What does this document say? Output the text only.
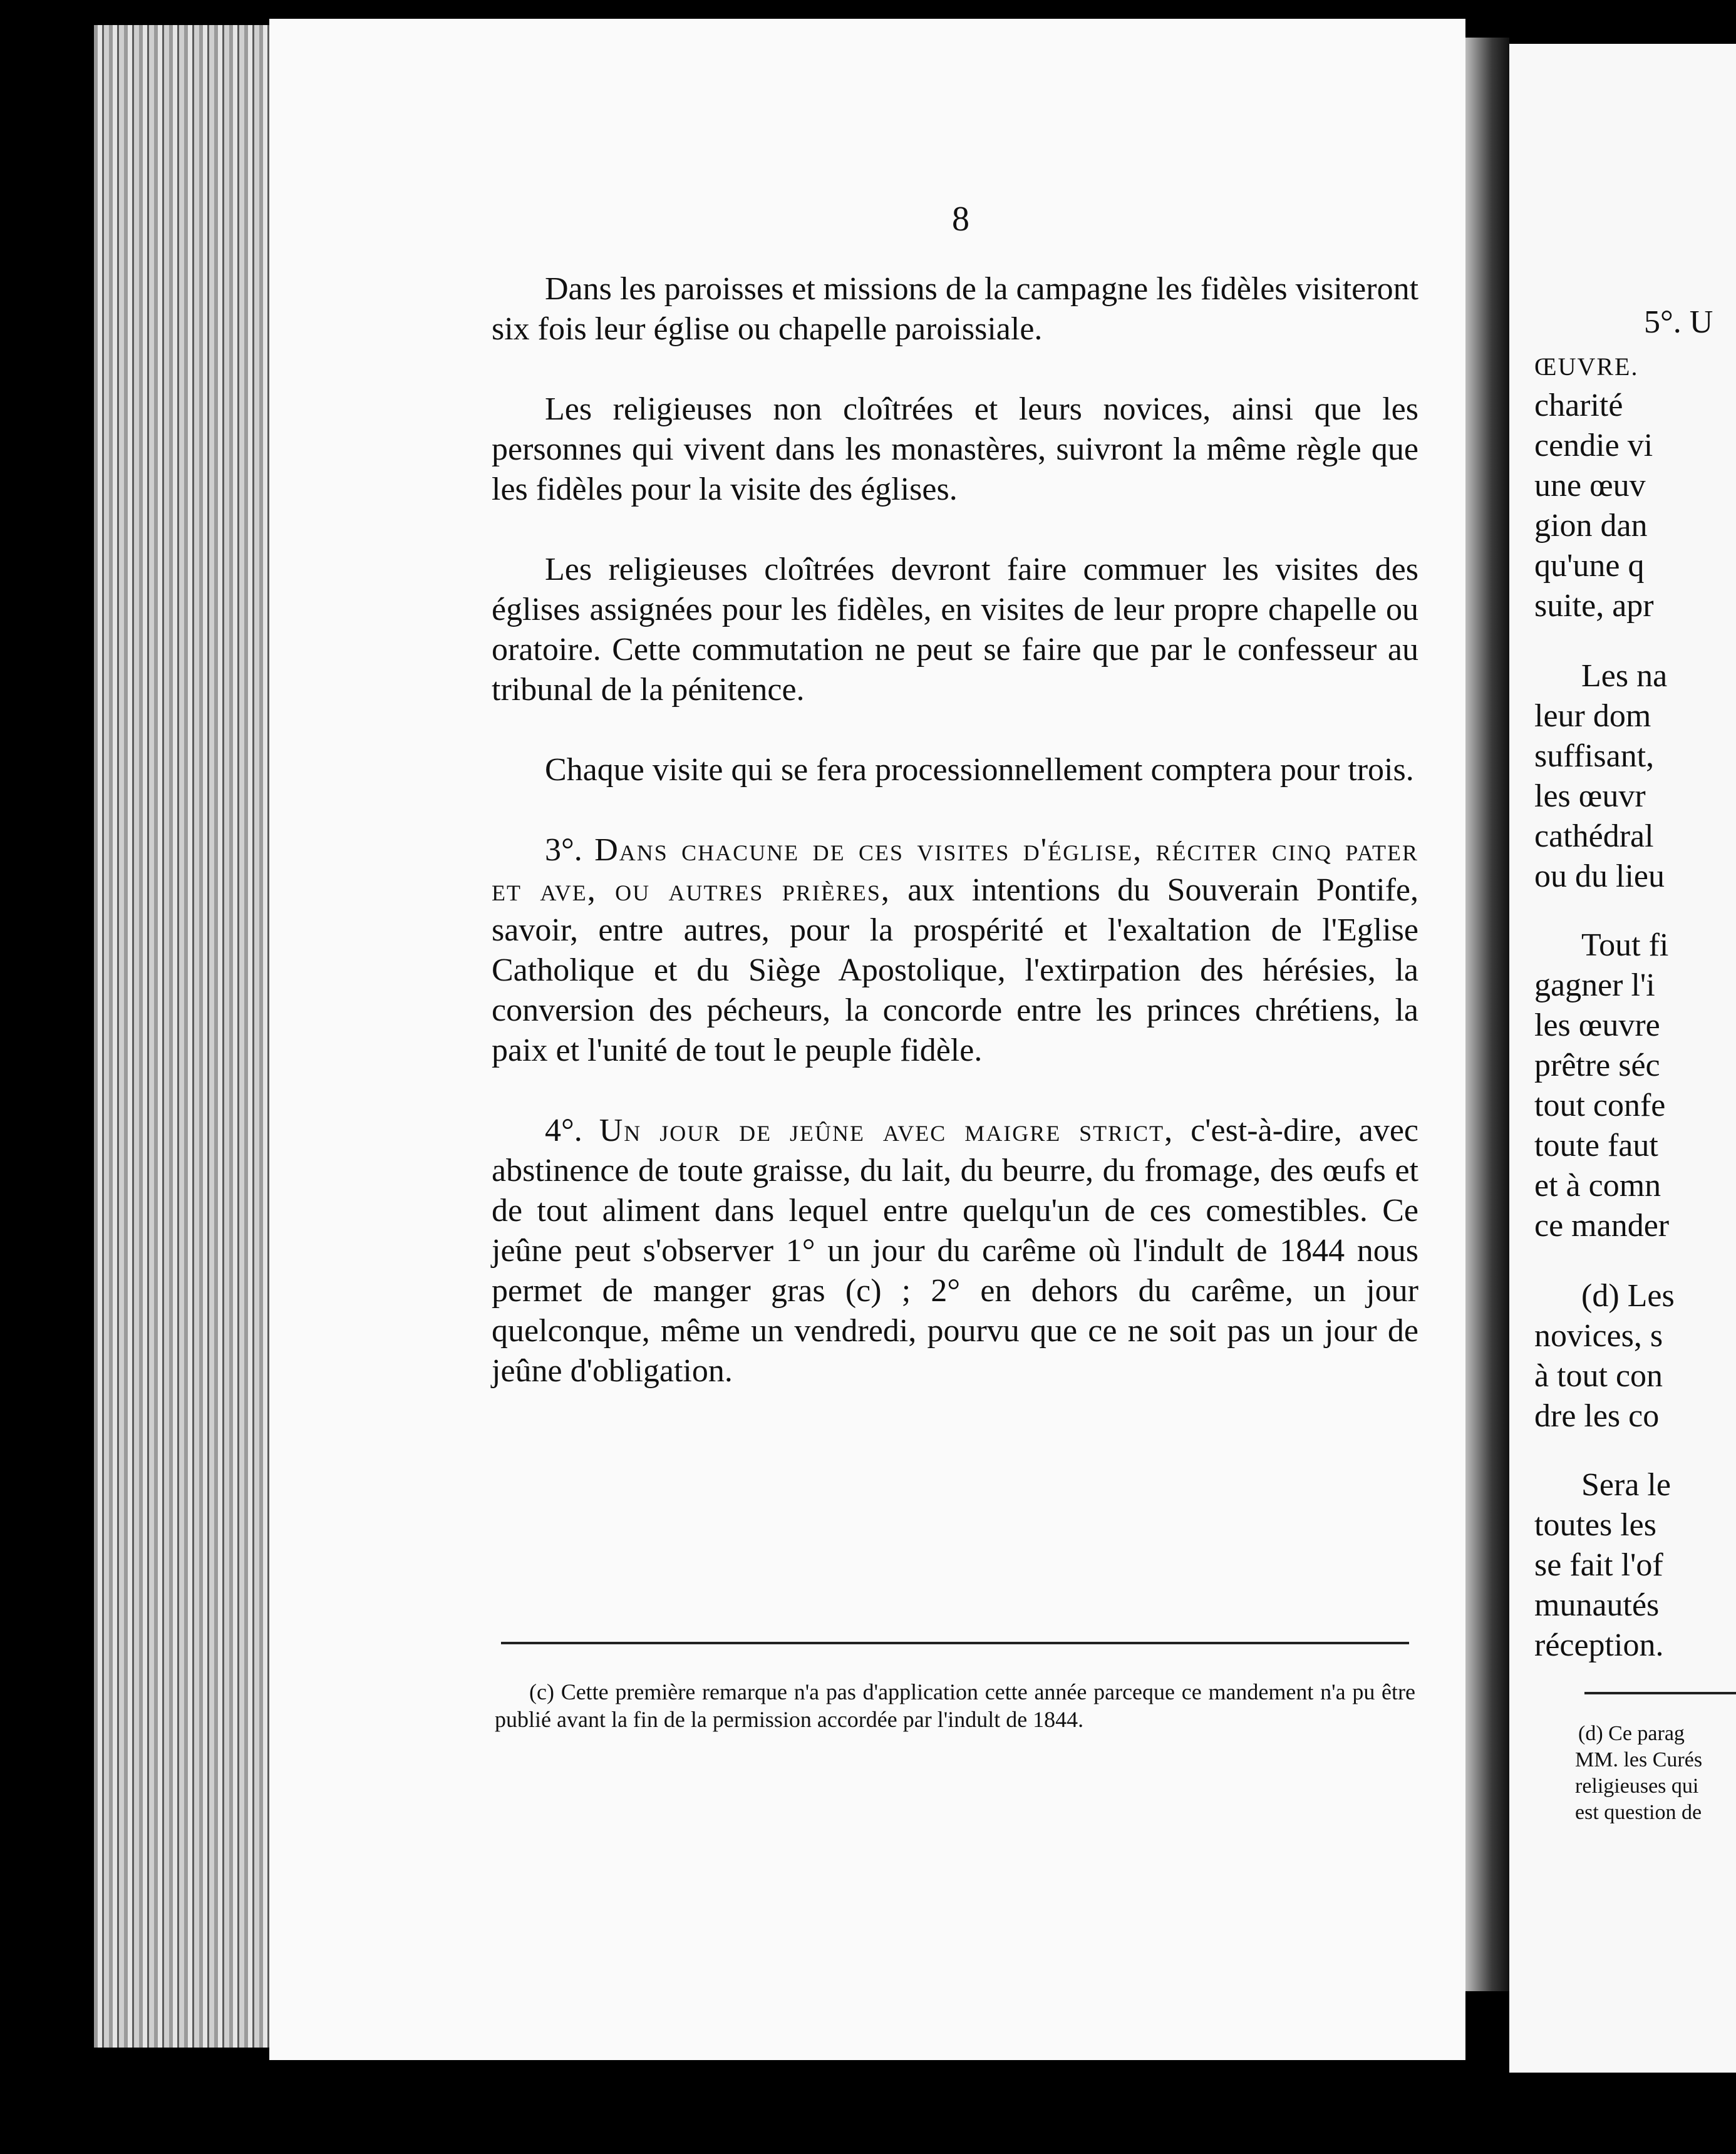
5°. U
ŒUVRE.
charité
cendie vi
une œuv
gion dan
qu'une q
suite, apr
Les na
leur dom
suffisant,
les œuvr
cathédral
ou du lieu
Tout fi
gagner l'i
les œuvre
prêtre séc
tout confe
toute faut
et à comn
ce mander
(d) Les
novices, s
à tout con
dre les co
Sera le
toutes les
se fait l'of
munautés
réception.
(d) Ce parag
MM. les Curés
religieuses qui
est question de
8

Dans les paroisses et missions de la campagne les fidèles visiteront six fois leur église ou chapelle paroissiale.

Les religieuses non cloîtrées et leurs novices, ainsi que les personnes qui vivent dans les monastères, suivront la même règle que les fidèles pour la visite des églises.

Les religieuses cloîtrées devront faire commuer les visites des églises assignées pour les fidèles, en visites de leur propre chapelle ou oratoire. Cette commutation ne peut se faire que par le confesseur au tribunal de la pénitence.

Chaque visite qui se fera processionnellement comptera pour trois.

3°. Dans chacune de ces visites d'église, réciter cinq pater et ave, ou autres prières, aux intentions du Souverain Pontife, savoir, entre autres, pour la prospérité et l'exaltation de l'Eglise Catholique et du Siège Apostolique, l'extirpation des hérésies, la conversion des pécheurs, la concorde entre les princes chrétiens, la paix et l'unité de tout le peuple fidèle.

4°. Un jour de jeûne avec maigre strict, c'est-à-dire, avec abstinence de toute graisse, du lait, du beurre, du fromage, des œufs et de tout aliment dans lequel entre quelqu'un de ces comestibles. Ce jeûne peut s'observer 1° un jour du carême où l'indult de 1844 nous permet de manger gras (c) ; 2° en dehors du carême, un jour quelconque, même un vendredi, pourvu que ce ne soit pas un jour de jeûne d'obligation.

(c) Cette première remarque n'a pas d'application cette année parceque ce mandement n'a pu être publié avant la fin de la permission accordée par l'indult de 1844.
